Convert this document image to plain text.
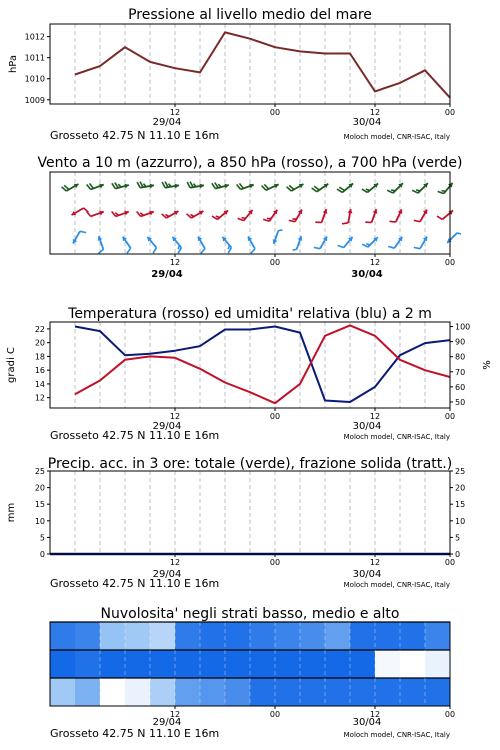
Pressione al livello medio del mare
12	00	12	00
29/04	30/04
Grosseto 42.75 N 11.10 E 16m	Moloch model, CNR-ISAC, Italy
1009
1010
1011
1012
hPa
Vento a 10 m (azzurro), a 850 hPa (rosso), a 700 hPa (verde)
12	00	12	00
29/04	30/04
Temperatura (rosso) ed umidita' relativa (blu) a 2 m
12	00	12	00
29/04	30/04
Grosseto 42.75 N 11.10 E 16m	Moloch model, CNR-ISAC, Italy
12
14
16
18
20
22
50
60
70
80
90
100
gradi C	%
Precip. acc. in 3 ore: totale (verde), frazione solida (tratt.)
12	00	12	00
29/04	30/04
Grosseto 42.75 N 11.10 E 16m	Moloch model, CNR-ISAC, Italy
0
5
10
15
20
25
0
5
10
15
20
25
mm
Nuvolosita' negli strati basso, medio e alto
12	00	12	00
29/04	30/04
Grosseto 42.75 N 11.10 E 16m	Moloch model, CNR-ISAC, Italy
